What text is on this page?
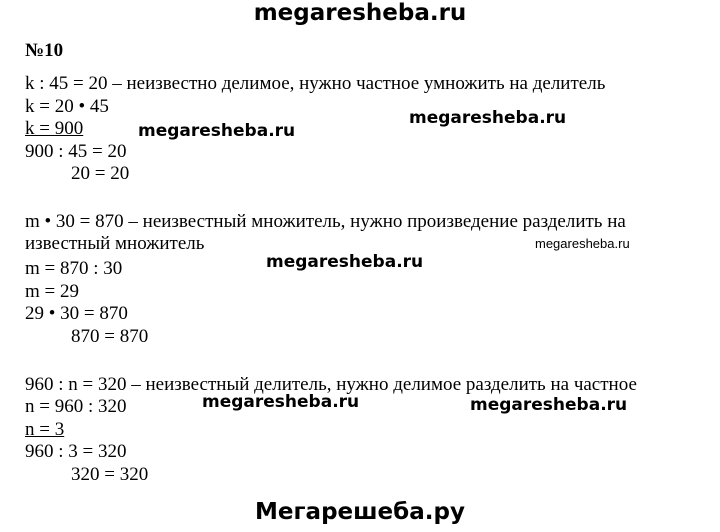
megaresheba.ru
№10
k : 45 = 20 – неизвестно делимое, нужно частное умножить на делитель
k = 20 • 45
k = 900
900 : 45 = 20
20 = 20
m • 30 = 870 – неизвестный множитель, нужно произведение разделить на
известный множитель
m = 870 : 30
m = 29
29 • 30 = 870
870 = 870
960 : n = 320 – неизвестный делитель, нужно делимое разделить на частное
n = 960 : 320
n = 3
960 : 3 = 320
320 = 320
megaresheba.ru
megaresheba.ru
megaresheba.ru
megaresheba.ru
megaresheba.ru	megaresheba.ru
Мегарешеба.ру
